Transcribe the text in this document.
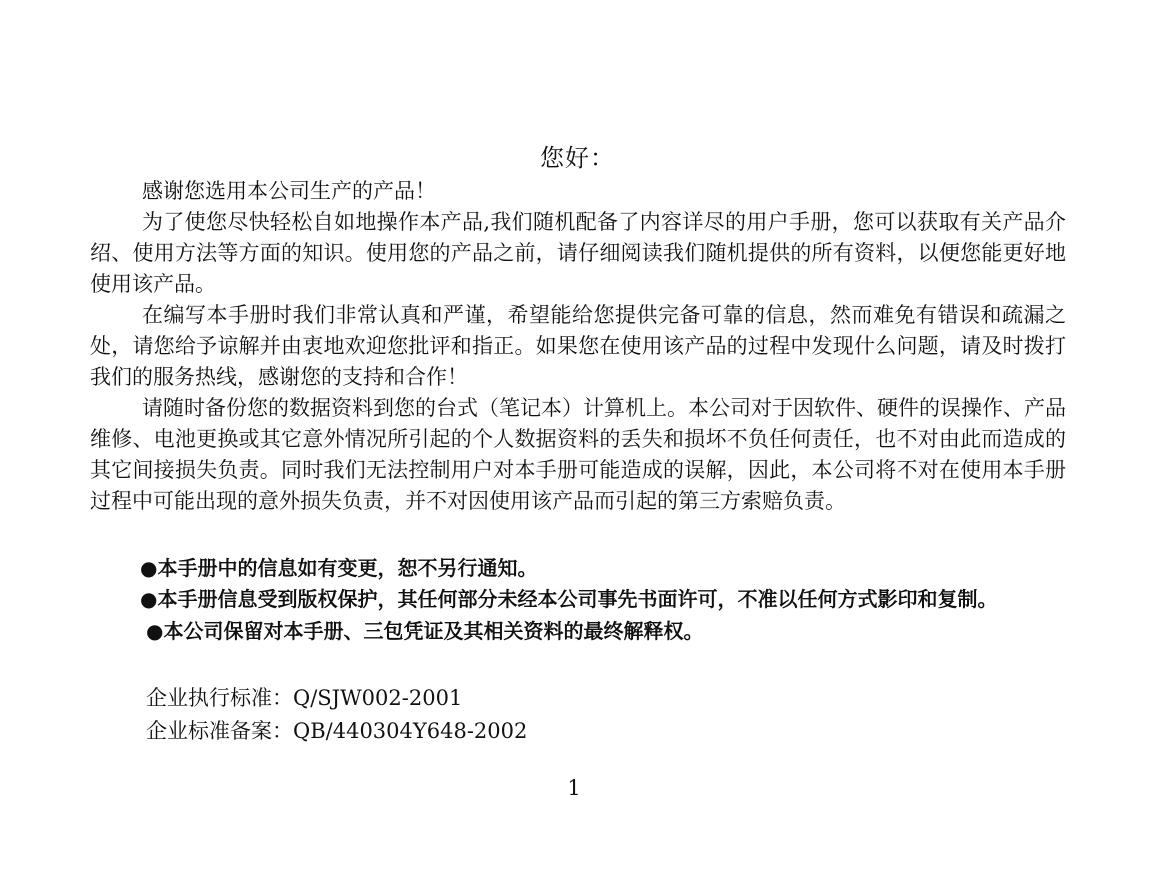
您好：

感谢您选用本公司生产的产品！

为了使您尽快轻松自如地操作本产品,我们随机配备了内容详尽的用户手册，您可以获取有关产品介绍、使用方法等方面的知识。使用您的产品之前，请仔细阅读我们随机提供的所有资料，以便您能更好地使用该产品。

在编写本手册时我们非常认真和严谨，希望能给您提供完备可靠的信息，然而难免有错误和疏漏之处，请您给予谅解并由衷地欢迎您批评和指正。如果您在使用该产品的过程中发现什么问题，请及时拨打我们的服务热线，感谢您的支持和合作！

请随时备份您的数据资料到您的台式（笔记本）计算机上。本公司对于因软件、硬件的误操作、产品维修、电池更换或其它意外情况所引起的个人数据资料的丢失和损坏不负任何责任，也不对由此而造成的其它间接损失负责。同时我们无法控制用户对本手册可能造成的误解，因此，本公司将不对在使用本手册过程中可能出现的意外损失负责，并不对因使用该产品而引起的第三方索赔负责。

●本手册中的信息如有变更，恕不另行通知。

●本手册信息受到版权保护，其任何部分未经本公司事先书面许可，不准以任何方式影印和复制。

●本公司保留对本手册、三包凭证及其相关资料的最终解释权。

企业执行标准：Q/SJW002-2001

企业标准备案：QB/440304Y648-2002

1
